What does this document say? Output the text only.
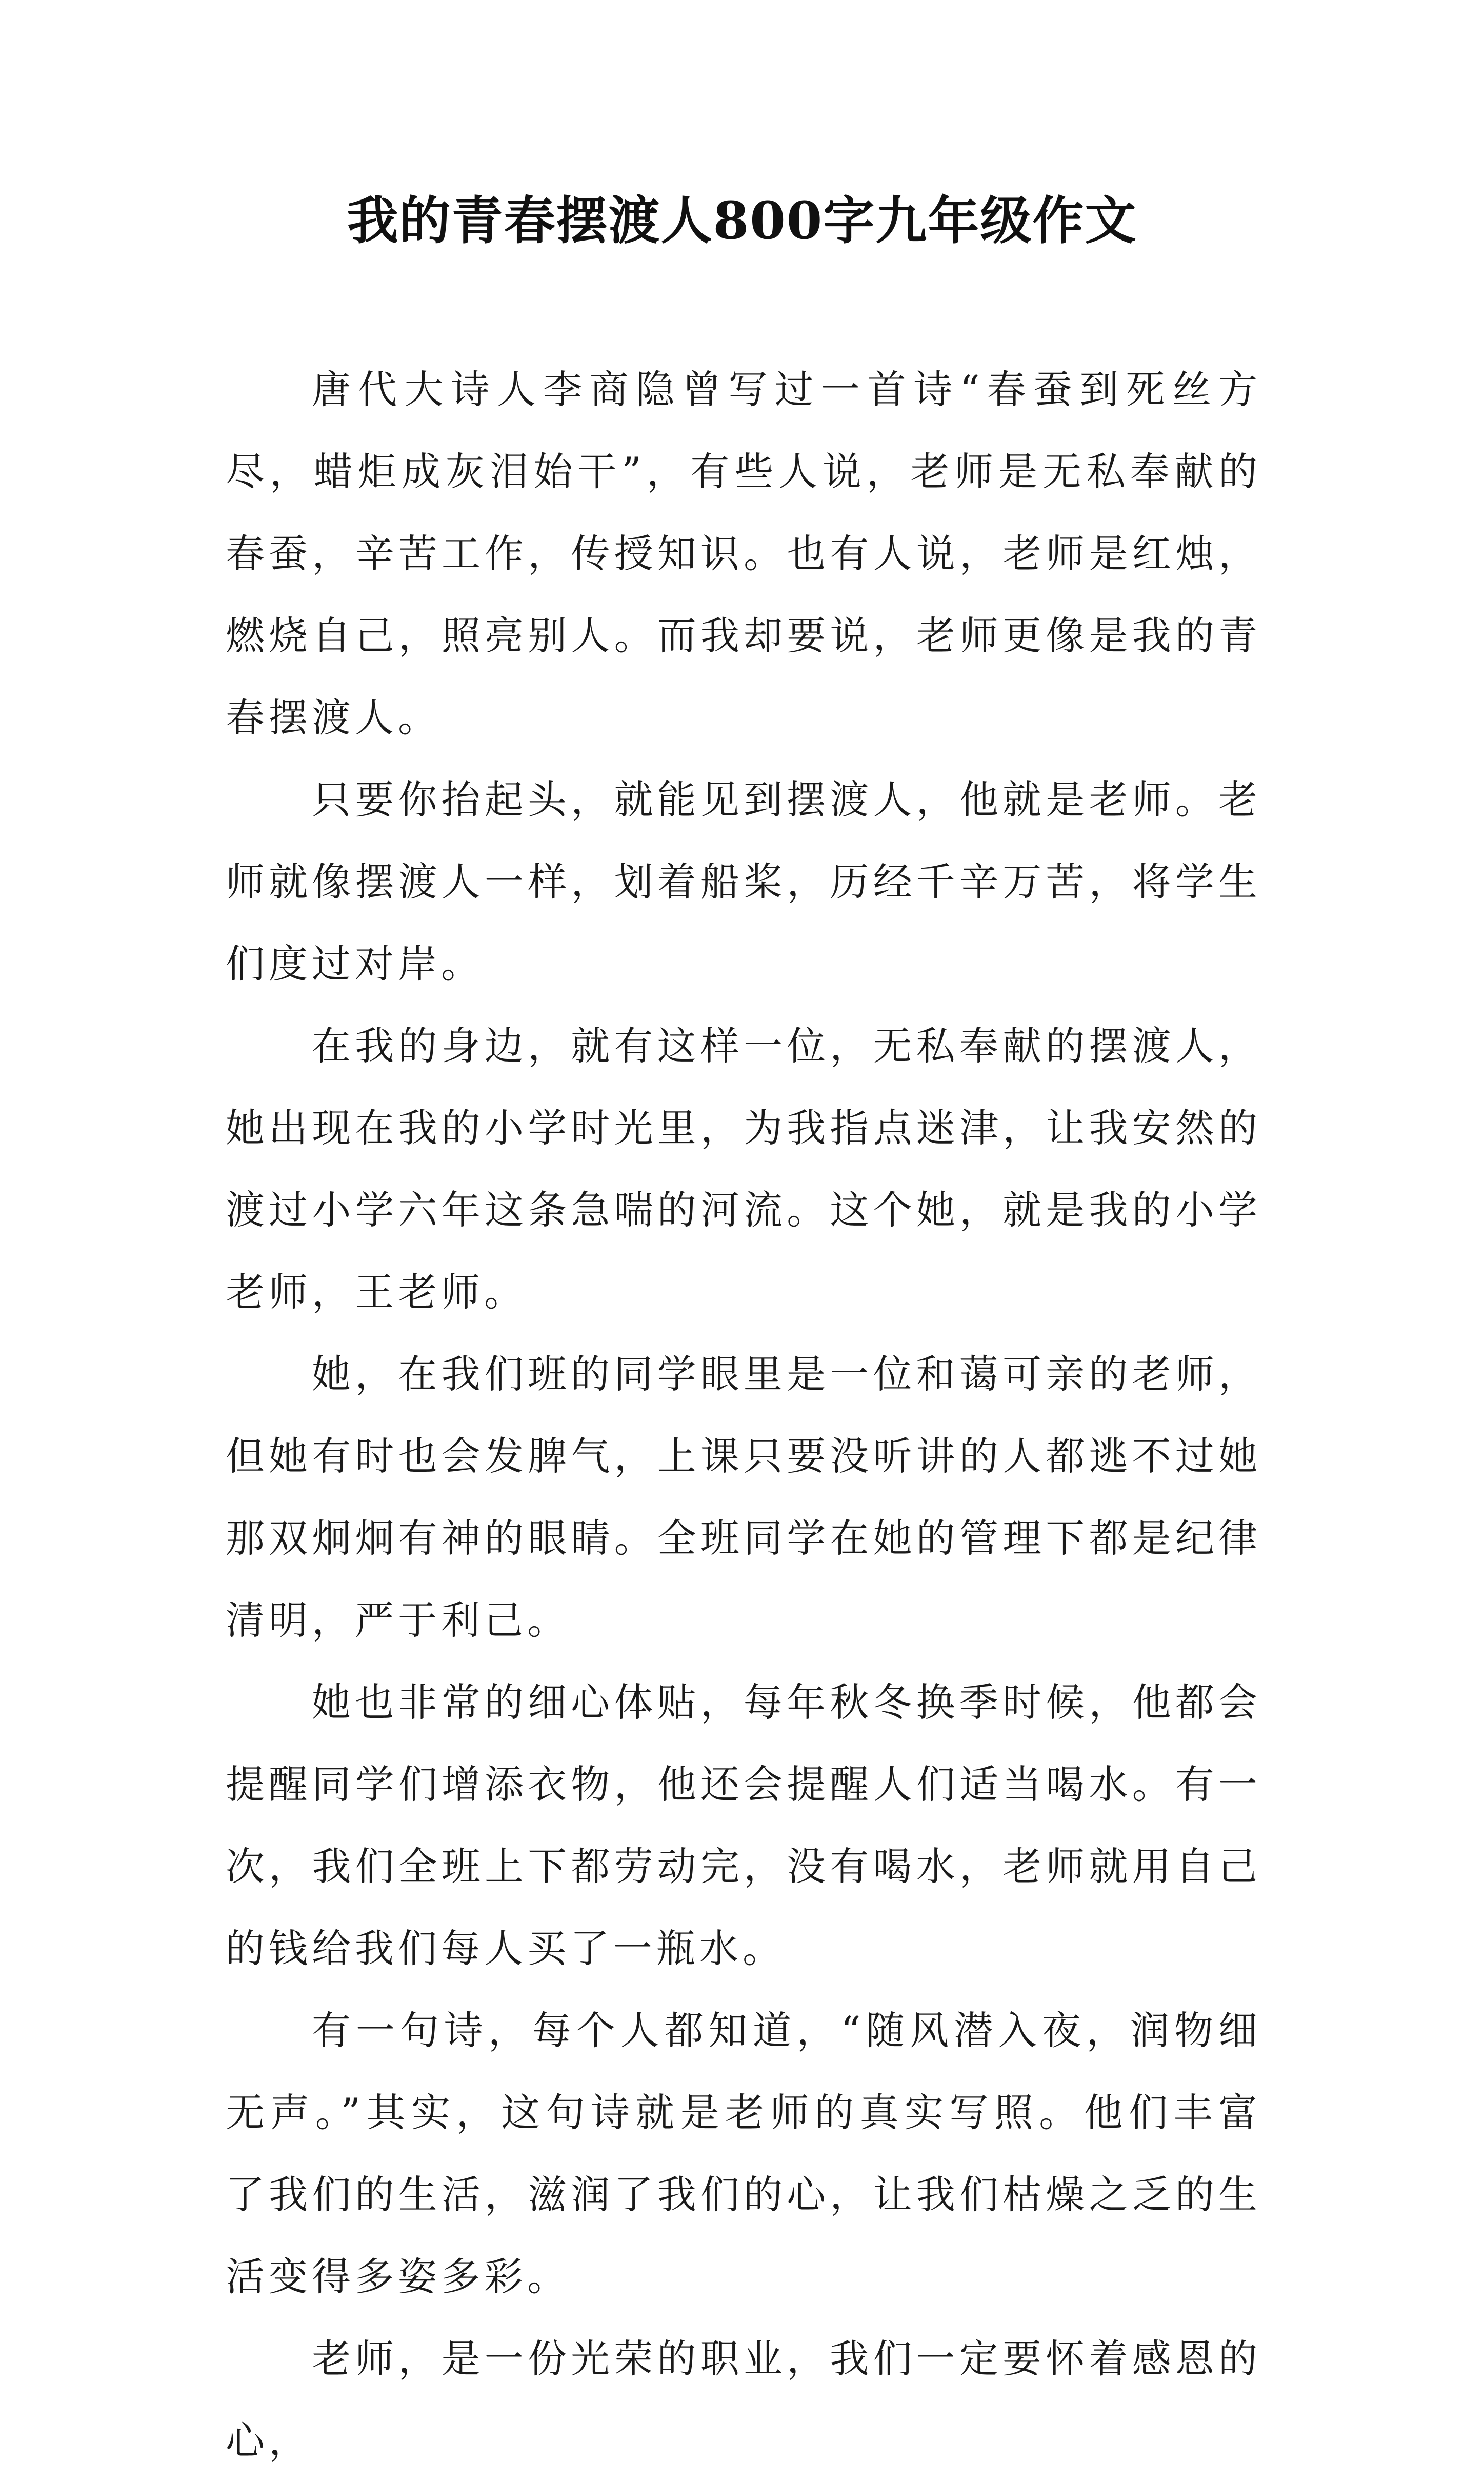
我的青春摆渡人800字九年级作文

唐代大诗人李商隐曾写过一首诗“春蚕到死丝方尽，蜡炬成灰泪始干”，有些人说，老师是无私奉献的春蚕，辛苦工作，传授知识。也有人说，老师是红烛，燃烧自己，照亮别人。而我却要说，老师更像是我的青春摆渡人。

只要你抬起头，就能见到摆渡人，他就是老师。老师就像摆渡人一样，划着船桨，历经千辛万苦，将学生们度过对岸。

在我的身边，就有这样一位，无私奉献的摆渡人，她出现在我的小学时光里，为我指点迷津，让我安然的渡过小学六年这条急喘的河流。这个她，就是我的小学老师，王老师。

她，在我们班的同学眼里是一位和蔼可亲的老师，但她有时也会发脾气，上课只要没听讲的人都逃不过她那双炯炯有神的眼睛。全班同学在她的管理下都是纪律清明，严于利己。

她也非常的细心体贴，每年秋冬换季时候，他都会提醒同学们增添衣物，他还会提醒人们适当喝水。有一次，我们全班上下都劳动完，没有喝水，老师就用自己的钱给我们每人买了一瓶水。

有一句诗，每个人都知道，“随风潜入夜，润物细无声。”其实，这句诗就是老师的真实写照。他们丰富了我们的生活，滋润了我们的心，让我们枯燥之乏的生活变得多姿多彩。

老师，是一份光荣的职业，我们一定要怀着感恩的心，
